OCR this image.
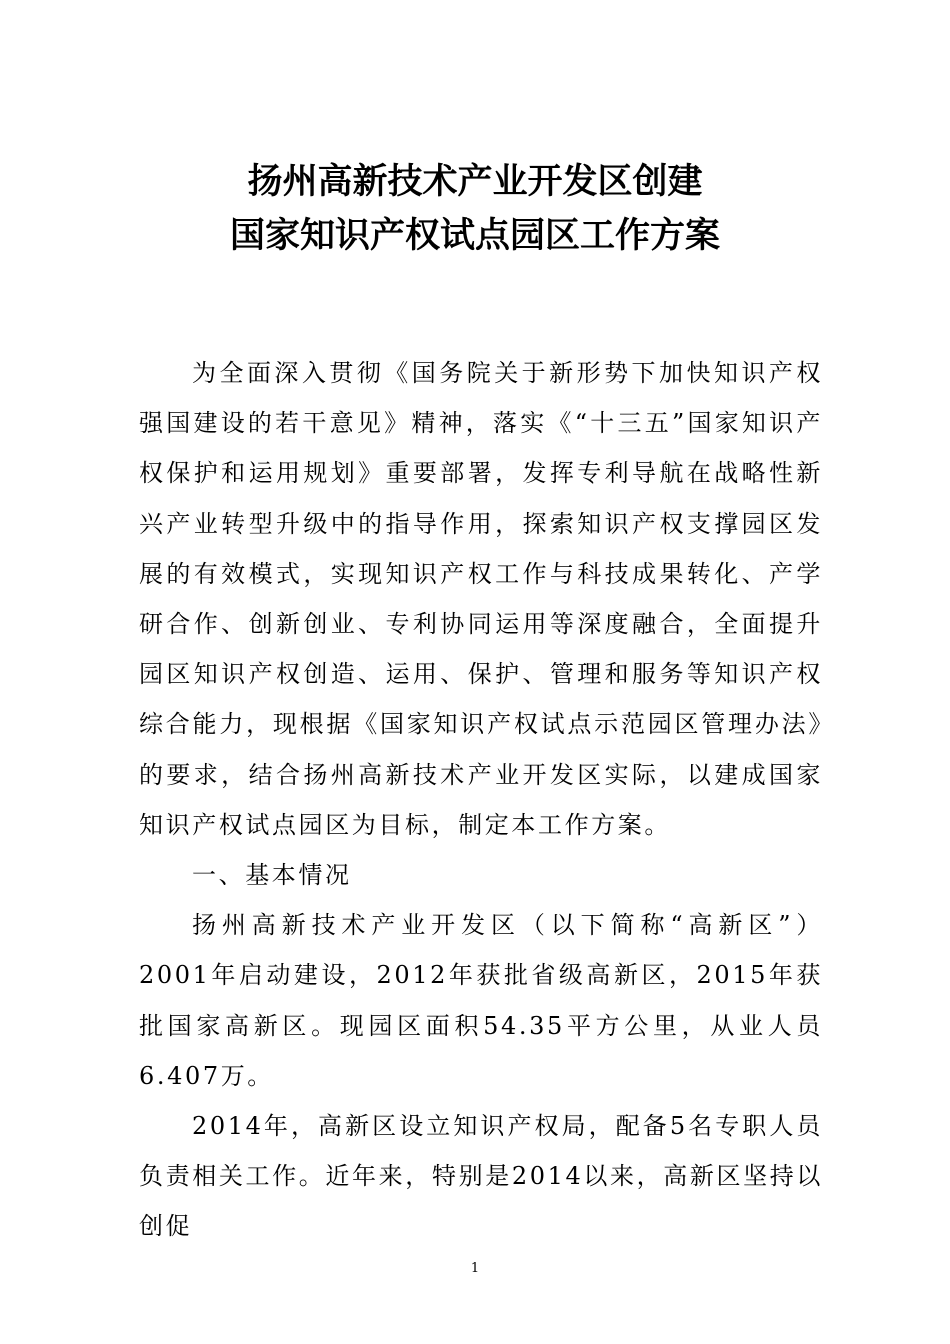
扬州高新技术产业开发区创建
国家知识产权试点园区工作方案

为全面深入贯彻《国务院关于新形势下加快知识产权强国建设的若干意见》精神，落实《“十三五”国家知识产权保护和运用规划》重要部署，发挥专利导航在战略性新兴产业转型升级中的指导作用，探索知识产权支撑园区发展的有效模式，实现知识产权工作与科技成果转化、产学研合作、创新创业、专利协同运用等深度融合，全面提升园区知识产权创造、运用、保护、管理和服务等知识产权综合能力，现根据《国家知识产权试点示范园区管理办法》的要求，结合扬州高新技术产业开发区实际，以建成国家知识产权试点园区为目标，制定本工作方案。

一、基本情况

扬州高新技术产业开发区（以下简称“高新区”）2001年启动建设，2012年获批省级高新区，2015年获批国家高新区。现园区面积54.35平方公里，从业人员6.407万。

2014年，高新区设立知识产权局，配备5名专职人员负责相关工作。近年来，特别是2014以来，高新区坚持以创促

1
